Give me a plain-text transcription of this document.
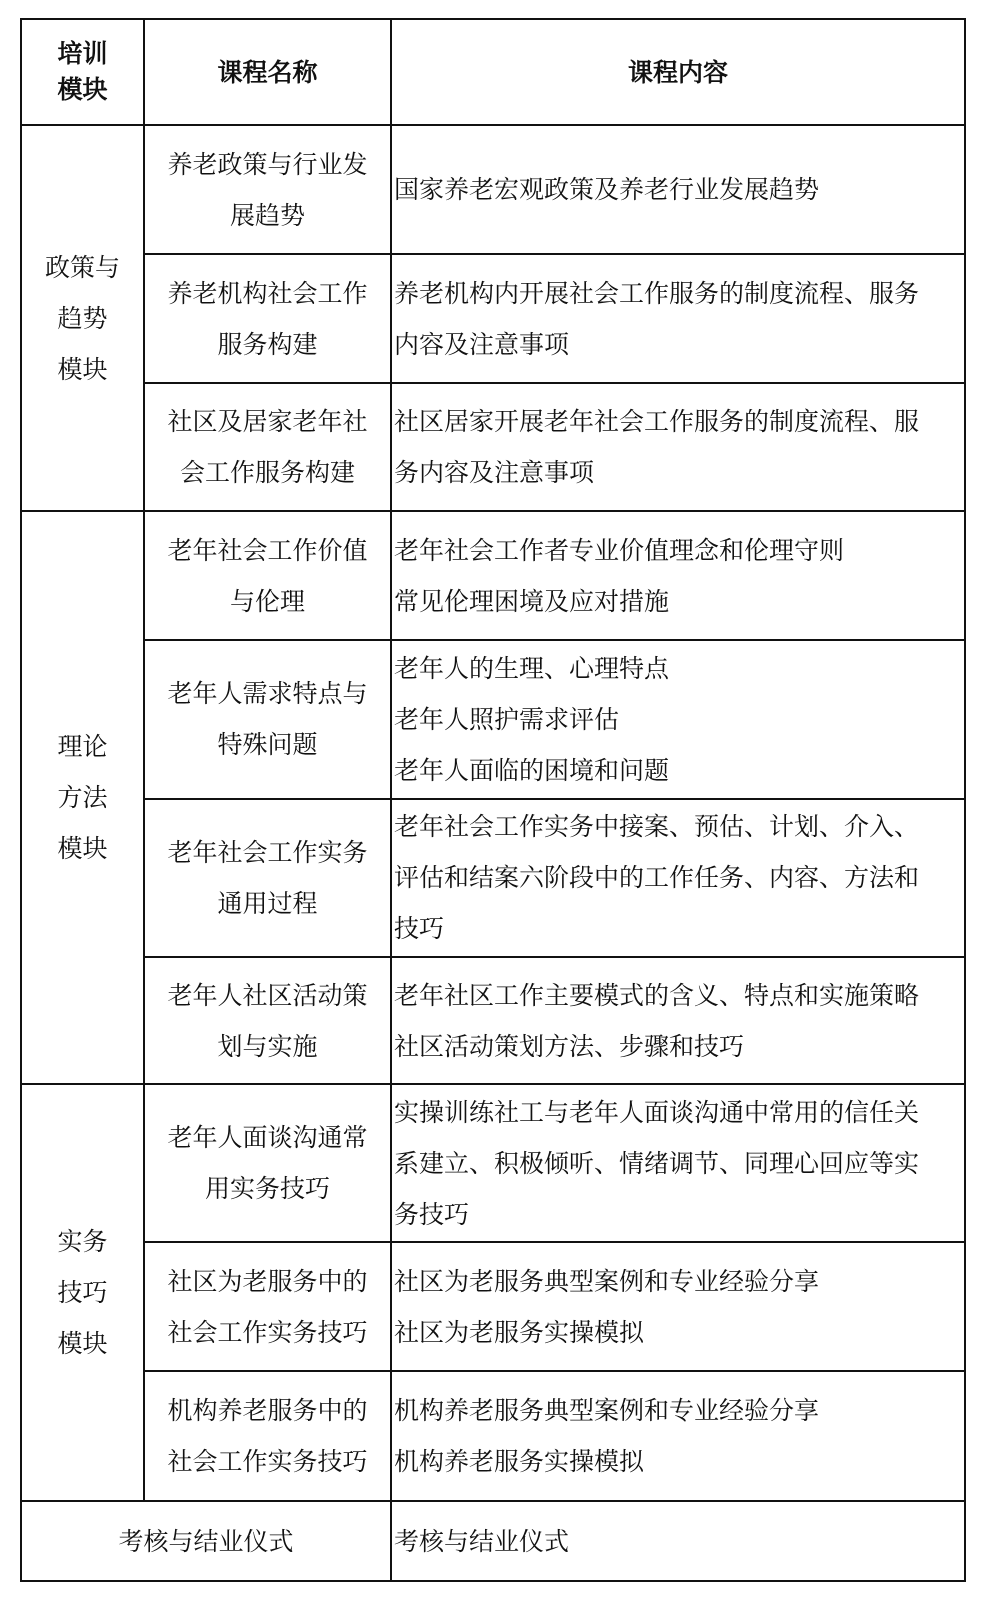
培训
模块	课程名称	课程内容

政策与
趋势
模块	养老政策与行业发
展趋势	国家养老宏观政策及养老行业发展趋势

	养老机构社会工作
服务构建	养老机构内开展社会工作服务的制度流程、服务
内容及注意事项

	社区及居家老年社
会工作服务构建	社区居家开展老年社会工作服务的制度流程、服
务内容及注意事项

理论
方法
模块	老年社会工作价值
与伦理	老年社会工作者专业价值理念和伦理守则
常见伦理困境及应对措施

	老年人需求特点与
特殊问题	老年人的生理、心理特点
老年人照护需求评估
老年人面临的困境和问题

	老年社会工作实务
通用过程	老年社会工作实务中接案、预估、计划、介入、
评估和结案六阶段中的工作任务、内容、方法和
技巧

	老年人社区活动策
划与实施	老年社区工作主要模式的含义、特点和实施策略
社区活动策划方法、步骤和技巧

实务
技巧
模块	老年人面谈沟通常
用实务技巧	实操训练社工与老年人面谈沟通中常用的信任关
系建立、积极倾听、情绪调节、同理心回应等实
务技巧

	社区为老服务中的
社会工作实务技巧	社区为老服务典型案例和专业经验分享
社区为老服务实操模拟

	机构养老服务中的
社会工作实务技巧	机构养老服务典型案例和专业经验分享
机构养老服务实操模拟

考核与结业仪式		考核与结业仪式
